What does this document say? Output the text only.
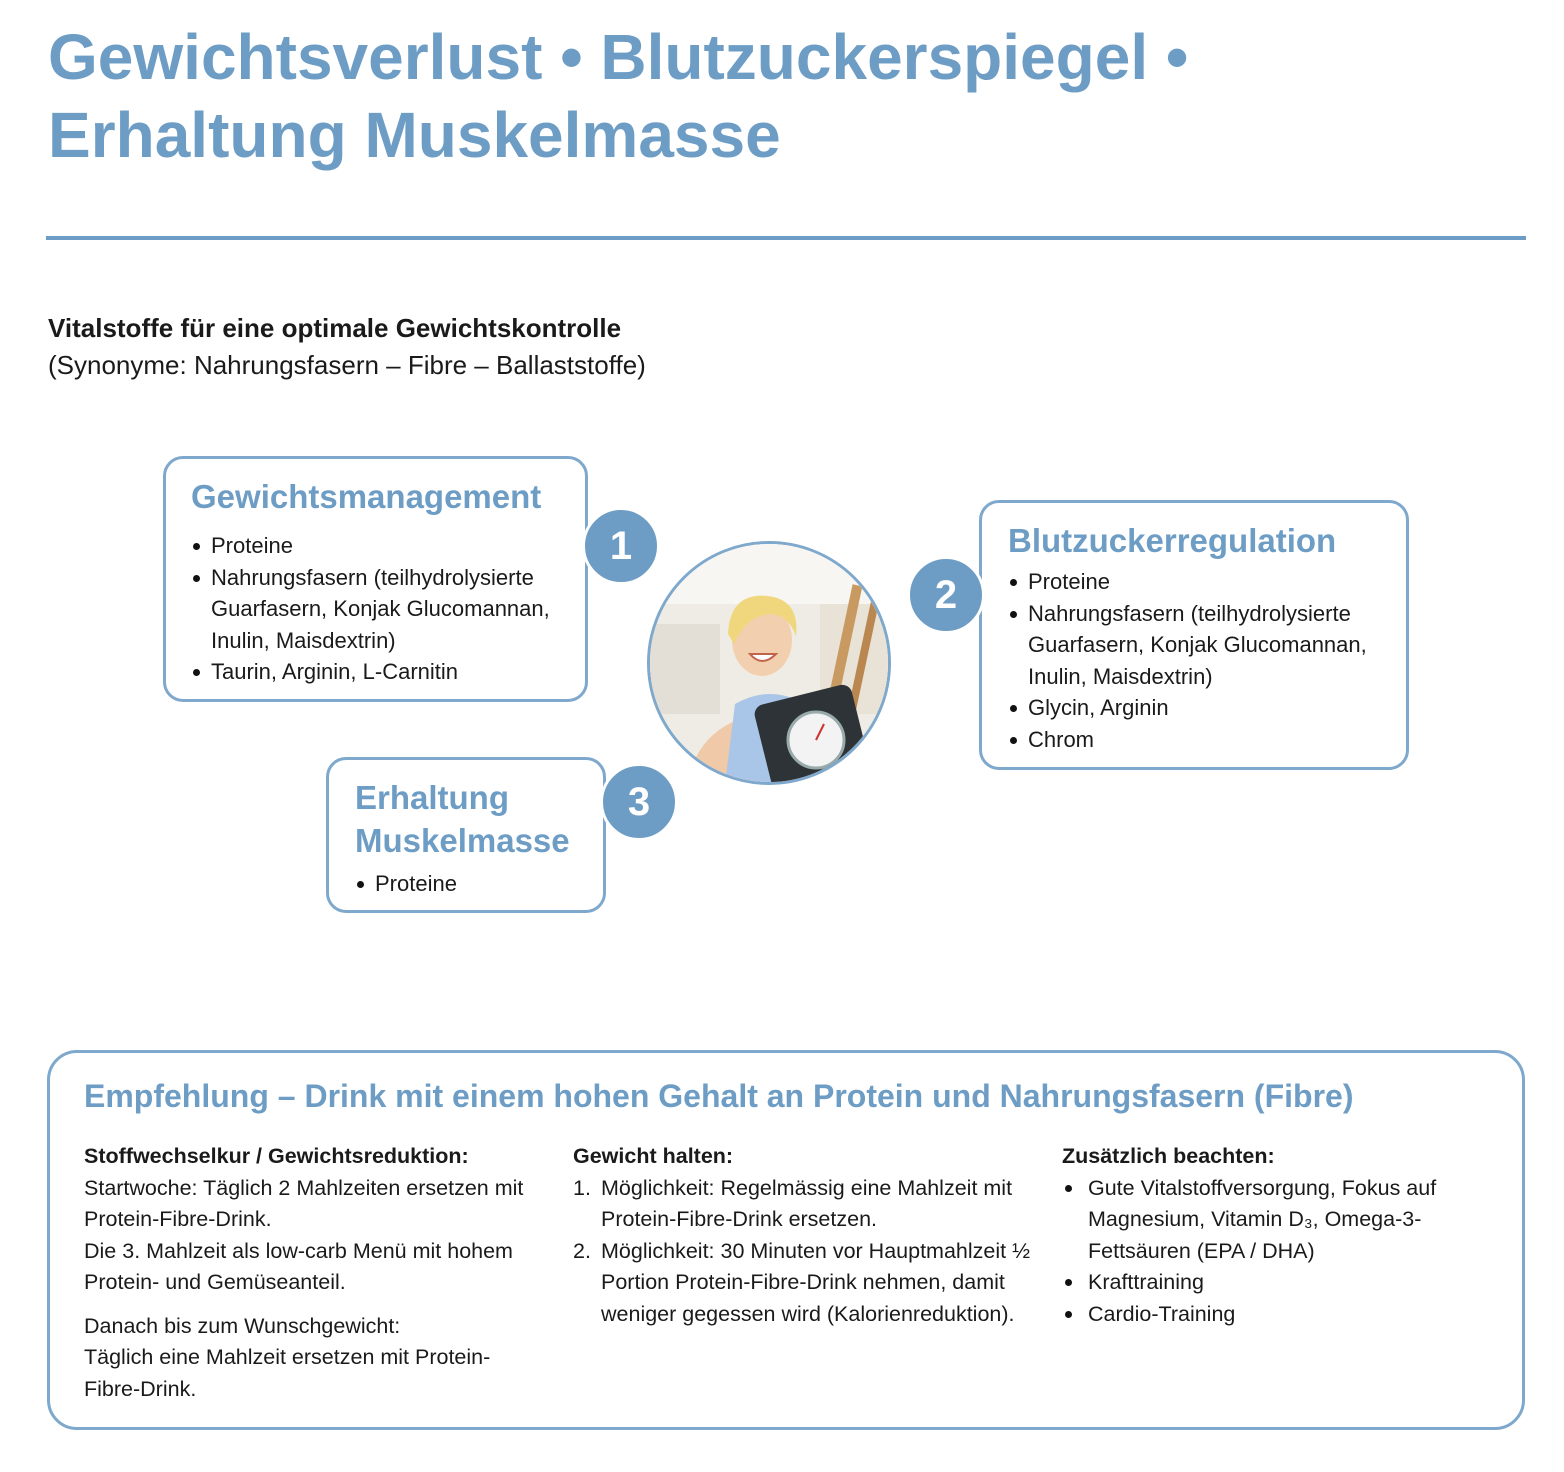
Gewichtsverlust • Blutzuckerspiegel •
Erhaltung Muskelmasse
Vitalstoffe für eine optimale Gewichtskontrolle
(Synonyme: Nahrungsfasern – Fibre – Ballaststoffe)
Gewichtsmanagement
Proteine
Nahrungsfasern (teilhydrolysierte Guarfasern, Konjak Glucomannan, Inulin, Maisdextrin)
Taurin, Arginin, L-Carnitin
1	Blutzuckerregulation
Proteine
Nahrungsfasern (teilhydrolysierte Guarfasern, Konjak Glucomannan, Inulin, Maisdextrin)
Glycin, Arginin
Chrom
2
Erhaltung
Muskelmasse
Proteine
3
Empfehlung – Drink mit einem hohen Gehalt an Protein und Nahrungsfasern (Fibre)

Stoffwechselkur / Gewichtsreduktion:

Startwoche: Täglich 2 Mahlzeiten ersetzen mit Protein-Fibre-Drink.

Die 3. Mahlzeit als low-carb Menü mit hohem Protein- und Gemüseanteil.

Danach bis zum Wunschgewicht:

Täglich eine Mahlzeit ersetzen mit Protein-Fibre-Drink.

Gewicht halten:

1. Möglichkeit: Regelmässig eine Mahlzeit mit Protein-Fibre-Drink ersetzen.
2. Möglichkeit: 30 Minuten vor Hauptmahlzeit ½ Portion Protein-Fibre-Drink nehmen, damit weniger gegessen wird (Kalorienreduktion).

Zusätzlich beachten:

Gute Vitalstoffversorgung, Fokus auf Magnesium, Vitamin D₃, Omega-3-Fettsäuren (EPA / DHA)
Krafttraining
Cardio-Training
